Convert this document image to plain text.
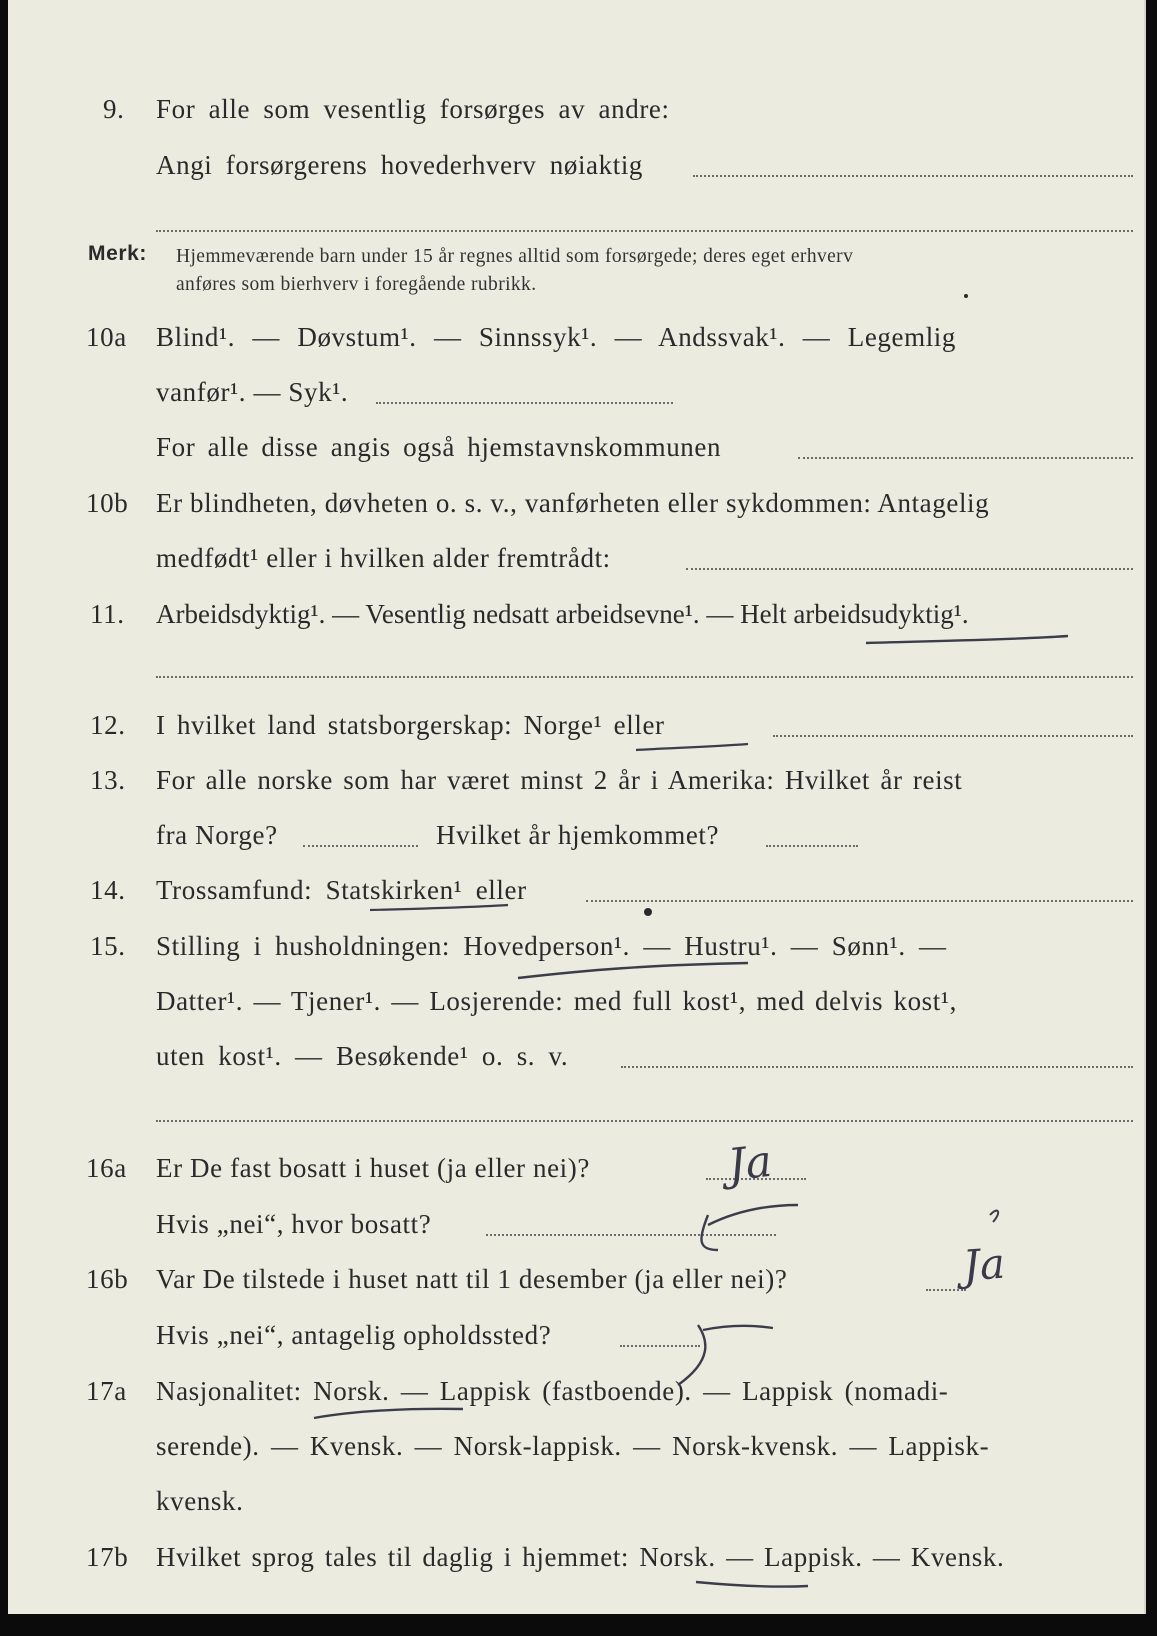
9. For alle som vesentlig forsørges av andre:
Angi forsørgerens hovederhverv nøiaktig
Merk: Hjemmeværende barn under 15 år regnes alltid som forsørgede; deres eget erhverv
anføres som bierhverv i foregående rubrikk.
10a Blind¹. — Døvstum¹. — Sinnssyk¹. — Andssvak¹. — Legemlig
vanfør¹. — Syk¹.
For alle disse angis også hjemstavnskommunen
10b Er blindheten, døvheten o. s. v., vanførheten eller sykdommen: Antagelig
medfødt¹ eller i hvilken alder fremtrådt:
11. Arbeidsdyktig¹. — Vesentlig nedsatt arbeidsevne¹. — Helt arbeidsudyktig¹.
12. I hvilket land statsborgerskap: Norge¹ eller
13. For alle norske som har været minst 2 år i Amerika: Hvilket år reist
fra Norge?	Hvilket år hjemkommet?
14. Trossamfund: Statskirken¹ eller
15. Stilling i husholdningen: Hovedperson¹. — Hustru¹. — Sønn¹. —
Datter¹. — Tjener¹. — Losjerende: med full kost¹, med delvis kost¹,
uten kost¹. — Besøkende¹ o. s. v.
16a Er De fast bosatt i huset (ja eller nei)?	Ja
Hvis „nei“, hvor bosatt?
16b Var De tilstede i huset natt til 1 desember (ja eller nei)?	Ja
Hvis „nei“, antagelig opholdssted?
17a Nasjonalitet: Norsk. — Lappisk (fastboende). — Lappisk (nomadi-
serende). — Kvensk. — Norsk-lappisk. — Norsk-kvensk. — Lappisk-
kvensk.
17b Hvilket sprog tales til daglig i hjemmet: Norsk. — Lappisk. — Kvensk.
